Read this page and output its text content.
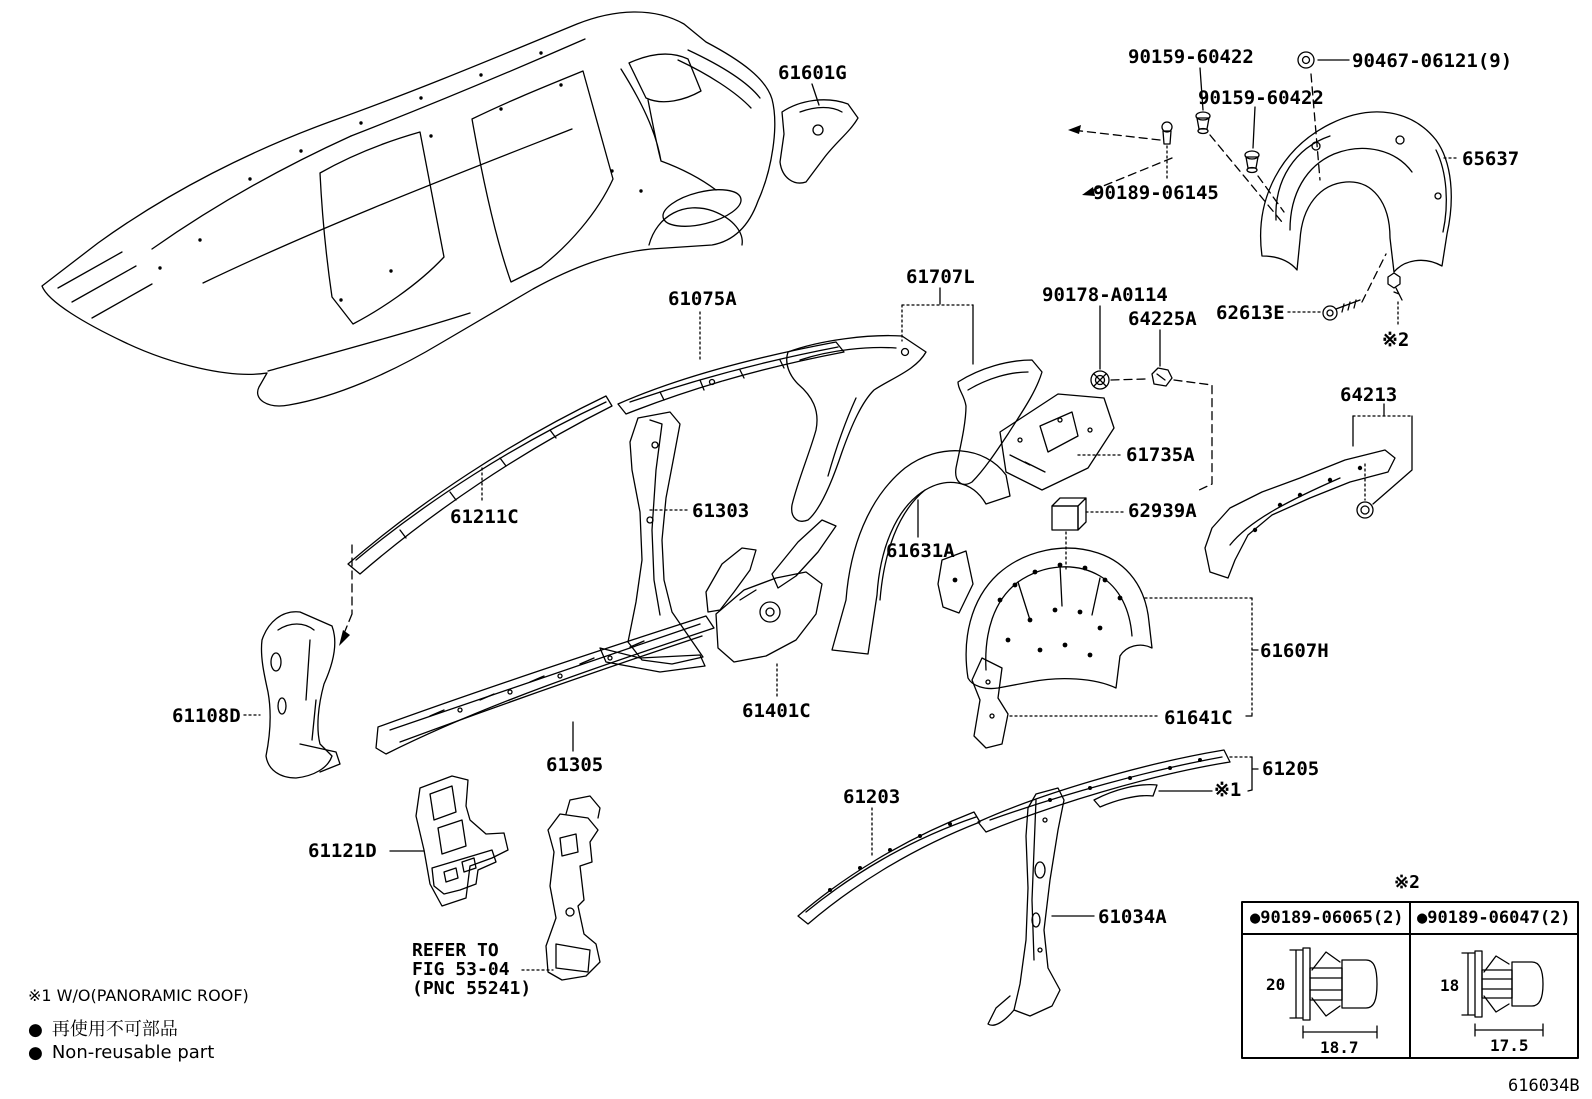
61601G
90159-60422	90467-06121(9)
90159-60422
90189-06145
65637
61707L
61075A	90178-A0114
64225A 62613E
※2
64213
61735A
61211C	61303	62939A
61631A
61607H
61108D	61401C	61641C
61305	61205
※1
61203
61121D
61034A
REFER TO
FIG 53-04
(PNC 55241)
※1 W/O(PANORAMIC ROOF)
● 再使用不可部品
● Non-reusable part
※2
●90189-06065(2) ●90189-06047(2)
20
18.7
18
17.5
616034B
